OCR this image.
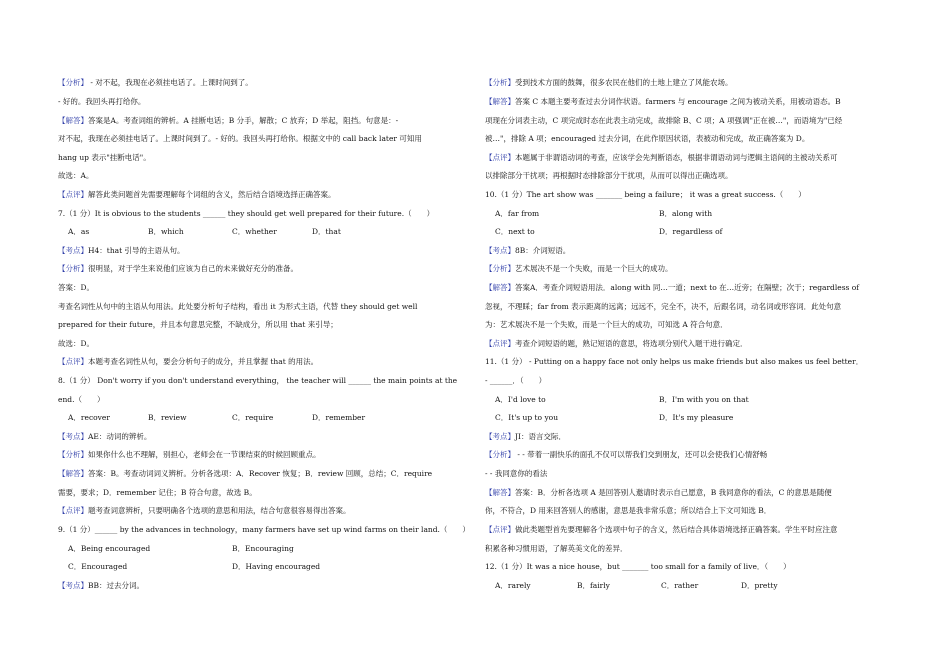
【分析】 - 对不起，我现在必须挂电话了。上课时间到了。
- 好的。我回头再打给你。
【解答】答案是A。考查词组的辨析。A 挂断电话；B 分手，解散；C 放弃；D 举起，阻挡。句意是：-
对不起，我现在必须挂电话了。上课时间到了。- 好的。我回头再打给你。根据文中的 call back later 可知用
hang up 表示"挂断电话"。
故选：A。
【点评】解答此类问题首先需要理解每个词组的含义，然后结合语境选择正确答案。
7.（1 分）It is obvious to the students ______ they should get well prepared for their future.（　　）
A．as	B．which	C．whether	D．that
【考点】H4：that 引导的主语从句。
【分析】很明显，对于学生来说他们应该为自己的未来做好充分的准备。
答案：D。
考查名词性从句中的主语从句用法。此处要分析句子结构，看出 it 为形式主语，代替 they should get well
prepared for their future，并且本句意思完整，不缺成分，所以用 that 来引导；
故选：D。
【点评】本题考查名词性从句，要会分析句子的成分，并且掌握 that 的用法。
8.（1 分） Don't worry if you don't understand everything， the teacher will ______ the main points at the
end.（　　）
A．recover	B．review	C．require	D．remember
【考点】AE：动词的辨析。
【分析】如果你什么也不理解，别担心，老师会在一节课结束的时候回顾重点。
【解答】答案：B。考查动词词义辨析。分析各选项：A．Recover 恢复；B．review 回顾，总结；C．require
需要，要求；D．remember 记住；B 符合句意，故选 B。
【点评】题考查词意辨析，只要明确各个选项的意思和用法，结合句意很容易得出答案。
9.（1 分）______ by the advances in technology，many farmers have set up wind farms on their land.（　　）
A．Being encouraged	B．Encouraging
C．Encouraged	D．Having encouraged
【考点】BB：过去分词。
【分析】受到技术方面的鼓舞，很多农民在他们的土地上建立了风能农场。
【解答】答案 C 本题主要考查过去分词作状语。farmers 与 encourage 之间为被动关系，用被动语态。B
项现在分词表主动，C 项完成时态在此表主动完成，故排除 B、C 项；A 项强调"正在被…"，而语境为"已经
被…"，排除 A 项；encouraged 过去分词，在此作原因状语，表被动和完成，故正确答案为 D。
【点评】本题属于非谓语动词的考查，应该学会先判断语态，根据非谓语动词与逻辑主语间的主被动关系可
以排除部分干扰项；再根据时态排除部分干扰项，从而可以得出正确选项。
10.（1 分）The art show was _______ being a failure； it was a great success.（　　）
A．far from	B．along with
C．next to	D．regardless of
【考点】8B：介词短语。
【分析】艺术展决不是一个失败，而是一个巨大的成功。
【解答】答案A．考查介词短语用法．along with 同…一道；next to 在…近旁；在隔壁；次于；regardless of
忽视，不理睬；far from 表示距离的远离；远远不，完全不，决不，后跟名词，动名词或形容词．此处句意
为：艺术展决不是一个失败，而是一个巨大的成功，可知选 A 符合句意．
【点评】考查介词短语的题，熟记短语的意思，将选项分别代入题干进行确定．
11.（1 分） - Putting on a happy face not only helps us make friends but also makes us feel better．
- ______．（　　）
A．I'd love to	B．I'm with you on that
C．It's up to you	D．It's my pleasure
【考点】JI：语言交际．
【分析】 - - 带着一副快乐的面孔不仅可以帮我们交到朋友，还可以会使我们心情舒畅
- - 我同意你的看法
【解答】答案：B．分析各选项 A 是回答别人邀请时表示自己愿意，B 我同意你的看法，C 的意思是随便
你，不符合，D 用来回答别人的感谢，意思是我非常乐意；所以结合上下文可知选 B．
【点评】做此类题型首先要理解各个选项中句子的含义，然后结合具体语境选择正确答案。学生平时应注意
积累各种习惯用语，了解英美文化的差异．
12.（1 分）It was a nice house，but _______ too small for a family of live．（　　）
A．rarely	B．fairly	C．rather	D．pretty
